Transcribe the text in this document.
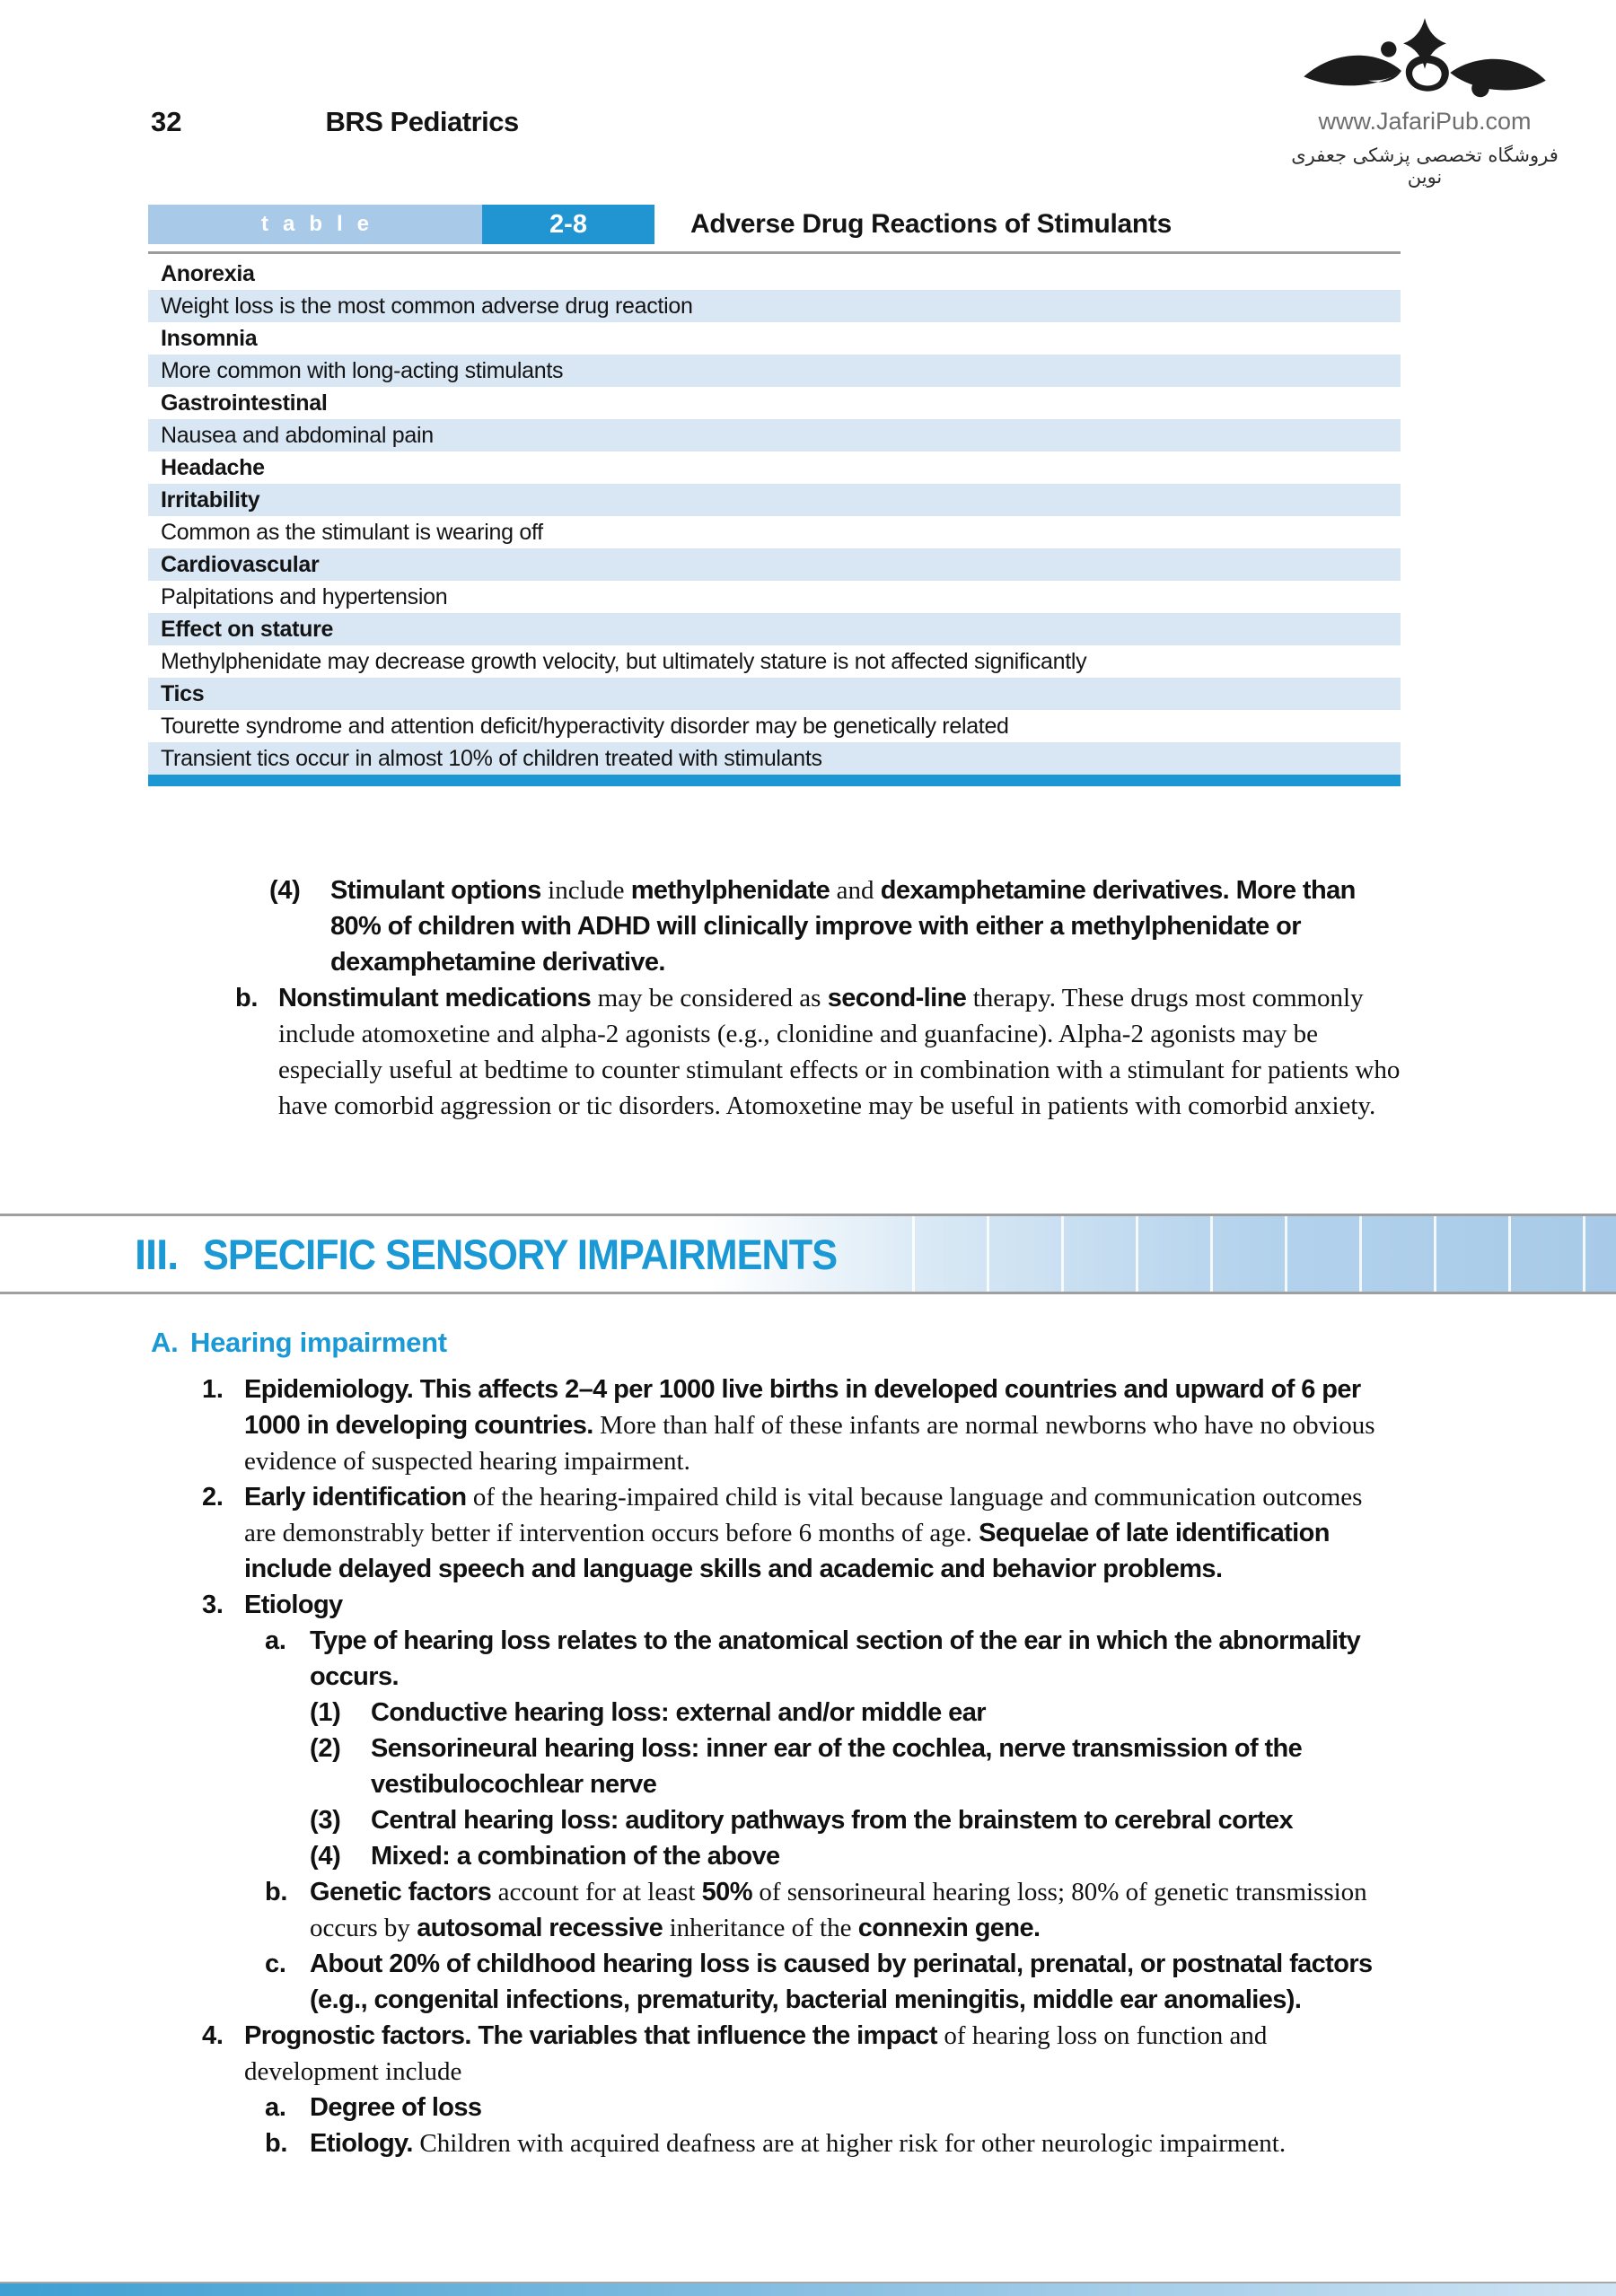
www.JafariPub.com
فروشگاه تخصصی پزشکی جعفری نوین
32	BRS Pediatrics
table	2-8	Adverse Drug Reactions of Stimulants
Anorexia
Weight loss is the most common adverse drug reaction
Insomnia
More common with long-acting stimulants
Gastrointestinal
Nausea and abdominal pain
Headache
Irritability
Common as the stimulant is wearing off
Cardiovascular
Palpitations and hypertension
Effect on stature
Methylphenidate may decrease growth velocity, but ultimately stature is not affected significantly
Tics
Tourette syndrome and attention deficit/hyperactivity disorder may be genetically related
Transient tics occur in almost 10% of children treated with stimulants
(4)	Stimulant options include methylphenidate and dexamphetamine derivatives. More than 80% of children with ADHD will clinically improve with either a methylphenidate or dexamphetamine derivative.
b. Nonstimulant medications may be considered as second-line therapy. These drugs most commonly include atomoxetine and alpha-2 agonists (e.g., clonidine and guanfacine). Alpha-2 agonists may be especially useful at bedtime to counter stimulant effects or in combination with a stimulant for patients who have comorbid aggression or tic disorders. Atomoxetine may be useful in patients with comorbid anxiety.
III. SPECIFIC SENSORY IMPAIRMENTS
A. Hearing impairment
1. Epidemiology. This affects 2–4 per 1000 live births in developed countries and upward of 6 per 1000 in developing countries. More than half of these infants are normal newborns who have no obvious evidence of suspected hearing impairment.
2. Early identification of the hearing-impaired child is vital because language and communication outcomes are demonstrably better if intervention occurs before 6 months of age. Sequelae of late identification include delayed speech and language skills and academic and behavior problems.
3. Etiology
a. Type of hearing loss relates to the anatomical section of the ear in which the abnormality occurs.
(1)	Conductive hearing loss: external and/or middle ear
(2)	Sensorineural hearing loss: inner ear of the cochlea, nerve transmission of the vestibulocochlear nerve
(3)	Central hearing loss: auditory pathways from the brainstem to cerebral cortex
(4)	Mixed: a combination of the above
b. Genetic factors account for at least 50% of sensorineural hearing loss; 80% of genetic transmission occurs by autosomal recessive inheritance of the connexin gene.
c. About 20% of childhood hearing loss is caused by perinatal, prenatal, or postnatal factors (e.g., congenital infections, prematurity, bacterial meningitis, middle ear anomalies).
4. Prognostic factors. The variables that influence the impact of hearing loss on function and development include
a. Degree of loss
b. Etiology. Children with acquired deafness are at higher risk for other neurologic impairment.
